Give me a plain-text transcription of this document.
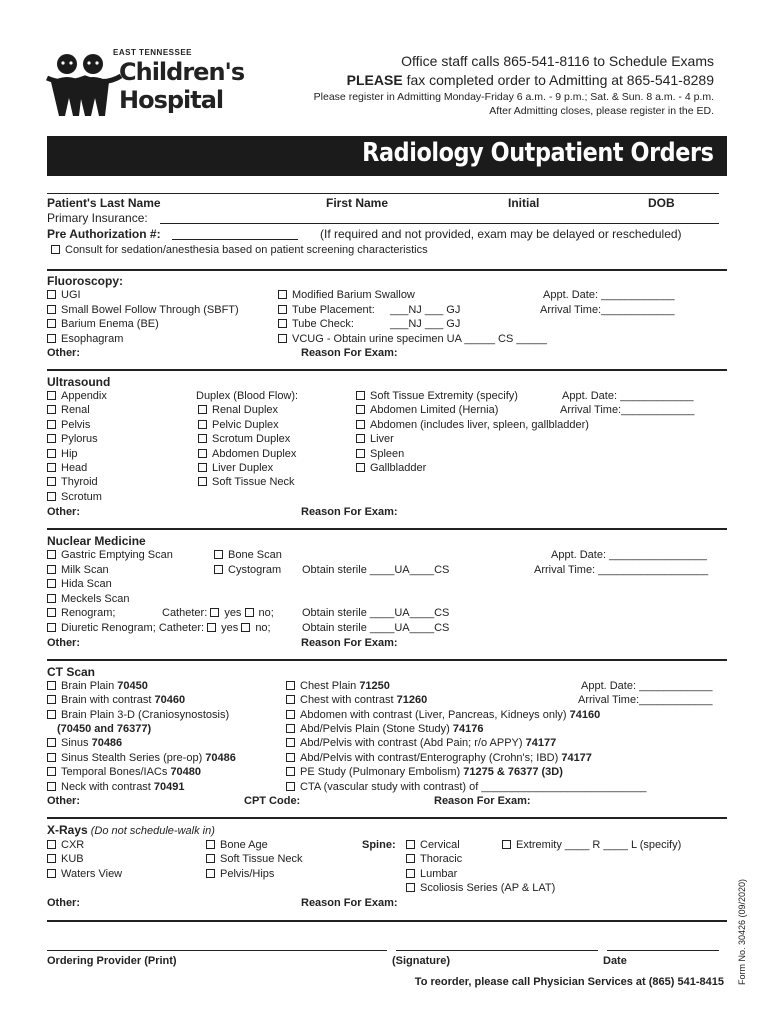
EAST TENNESSEE
Children's
Hospital
Office staff calls 865-541-8116 to Schedule Exams
PLEASE fax completed order to Admitting at 865-541-8289
Please register in Admitting Monday-Friday 6 a.m. - 9 p.m.; Sat. & Sun. 8 a.m. - 4 p.m.
After Admitting closes, please register in the ED.
Radiology Outpatient Orders
Patient's Last Name	First Name	Initial	DOB
Primary Insurance:
Pre Authorization #:	(If required and not provided, exam may be delayed or rescheduled)
Consult for sedation/anesthesia based on patient screening characteristics
Fluoroscopy:
UGI
Small Bowel Follow Through (SBFT)
Barium Enema (BE)
Esophagram
Modified Barium Swallow
Tube Placement: ___NJ ___ GJ
Tube Check:	___NJ ___ GJ
VCUG - Obtain urine specimen UA _____ CS _____
Appt. Date: ____________
Arrival Time:____________
Other:	Reason For Exam:
Ultrasound
Appendix
Renal
Pelvis
Pylorus
Hip
Head
Thyroid
Scrotum
Duplex (Blood Flow):
Renal Duplex
Pelvic Duplex
Scrotum Duplex
Abdomen Duplex
Liver Duplex
Soft Tissue Neck
Soft Tissue Extremity (specify)
Abdomen Limited (Hernia)
Abdomen (includes liver, spleen, gallbladder)
Liver
Spleen
Gallbladder
Appt. Date: ____________
Arrival Time:____________
Other:	Reason For Exam:
Nuclear Medicine
Gastric Emptying Scan
Milk Scan
Hida Scan
Meckels Scan
Renogram;	Catheter: yes no;
Diuretic Renogram; Catheter: yes no;
Bone Scan
Cystogram Obtain sterile ____UA____CS
Obtain sterile ____UA____CS
Obtain sterile ____UA____CS
Appt. Date: ________________
Arrival Time: __________________
Other:	Reason For Exam:
CT Scan
Brain Plain 70450
Brain with contrast 70460
Brain Plain 3-D (Craniosynostosis)
(70450 and 76377)
Sinus 70486
Sinus Stealth Series (pre-op) 70486
Temporal Bones/IACs 70480
Neck with contrast 70491
Chest Plain 71250
Chest with contrast 71260
Abdomen with contrast (Liver, Pancreas, Kidneys only) 74160
Abd/Pelvis Plain (Stone Study) 74176
Abd/Pelvis with contrast (Abd Pain; r/o APPY) 74177
Abd/Pelvis with contrast/Enterography (Crohn's; IBD) 74177
PE Study (Pulmonary Embolism) 71275 & 76377 (3D)
CTA (vascular study with contrast) of ___________________________
Appt. Date: ____________
Arrival Time:____________
Other:	CPT Code:	Reason For Exam:
X-Rays (Do not schedule-walk in)
CXR
KUB
Waters View
Bone Age
Soft Tissue Neck
Pelvis/Hips
Spine:	Cervical
Thoracic
Lumbar
Scoliosis Series (AP & LAT)
Extremity ____ R ____ L (specify)
Other:	Reason For Exam:
Ordering Provider (Print)	(Signature)	Date
To reorder, please call Physician Services at (865) 541-8415 Form No. 30426 (09/2020)
